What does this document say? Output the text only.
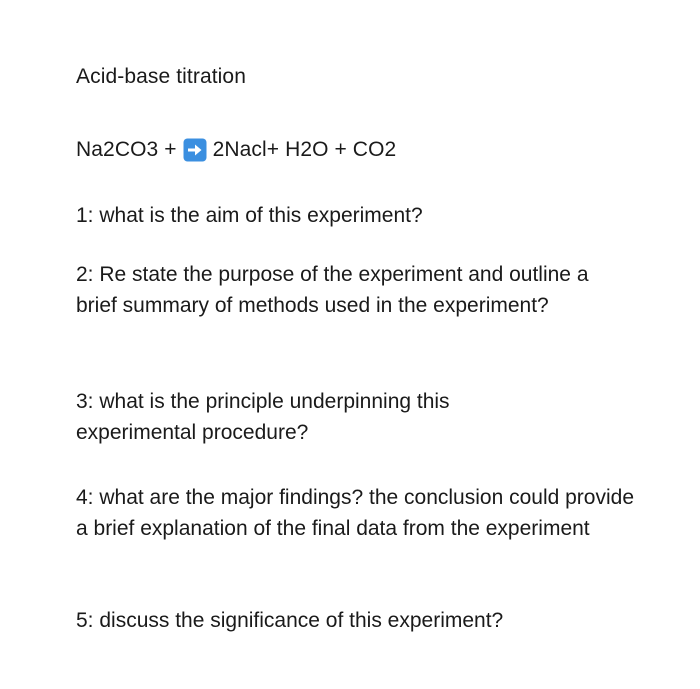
Acid-base titration
Na2CO3 + 2Nacl+ H2O + CO2

1: what is the aim of this experiment?

2: Re state the purpose of the experiment and outline a brief summary of methods used in the experiment?

3: what is the principle underpinning this experimental procedure?

4: what are the major findings? the conclusion could provide a brief explanation of the final data from the experiment

5: discuss the significance of this experiment?
